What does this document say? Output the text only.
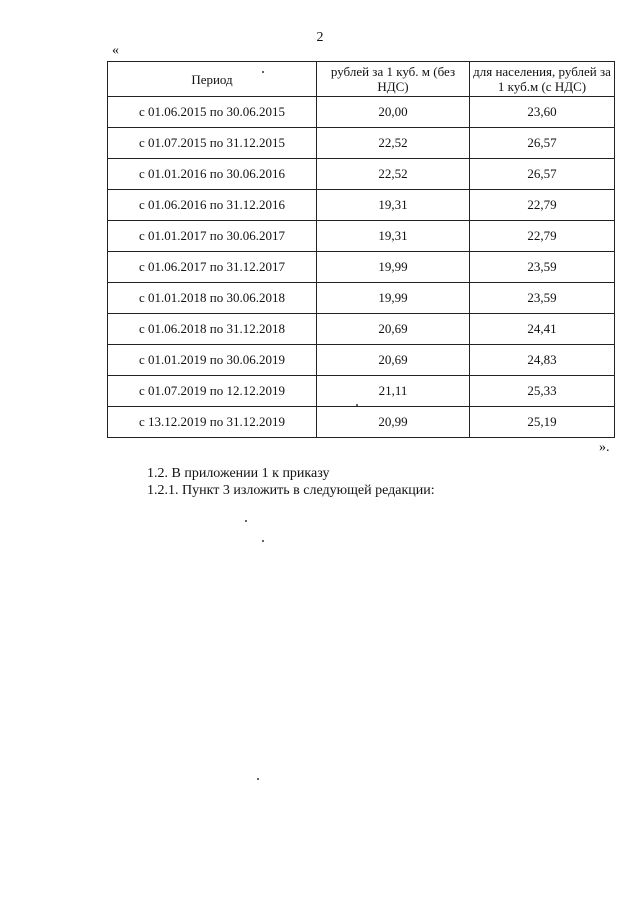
2
«
Период	рублей за 1 куб. м (без НДС)	для населения, рублей за 1 куб.м (с НДС)
с 01.06.2015 по 30.06.2015	20,00	23,60
с 01.07.2015 по 31.12.2015	22,52	26,57
с 01.01.2016 по 30.06.2016	22,52	26,57
с 01.06.2016 по 31.12.2016	19,31	22,79
с 01.01.2017 по 30.06.2017	19,31	22,79
с 01.06.2017 по 31.12.2017	19,99	23,59
с 01.01.2018 по 30.06.2018	19,99	23,59
с 01.06.2018 по 31.12.2018	20,69	24,41
с 01.01.2019 по 30.06.2019	20,69	24,83
с 01.07.2019 по 12.12.2019	21,11	25,33
с 13.12.2019 по 31.12.2019	20,99	25,19
».
1.2. В приложении 1 к приказу
1.2.1. Пункт 3 изложить в следующей редакции:
